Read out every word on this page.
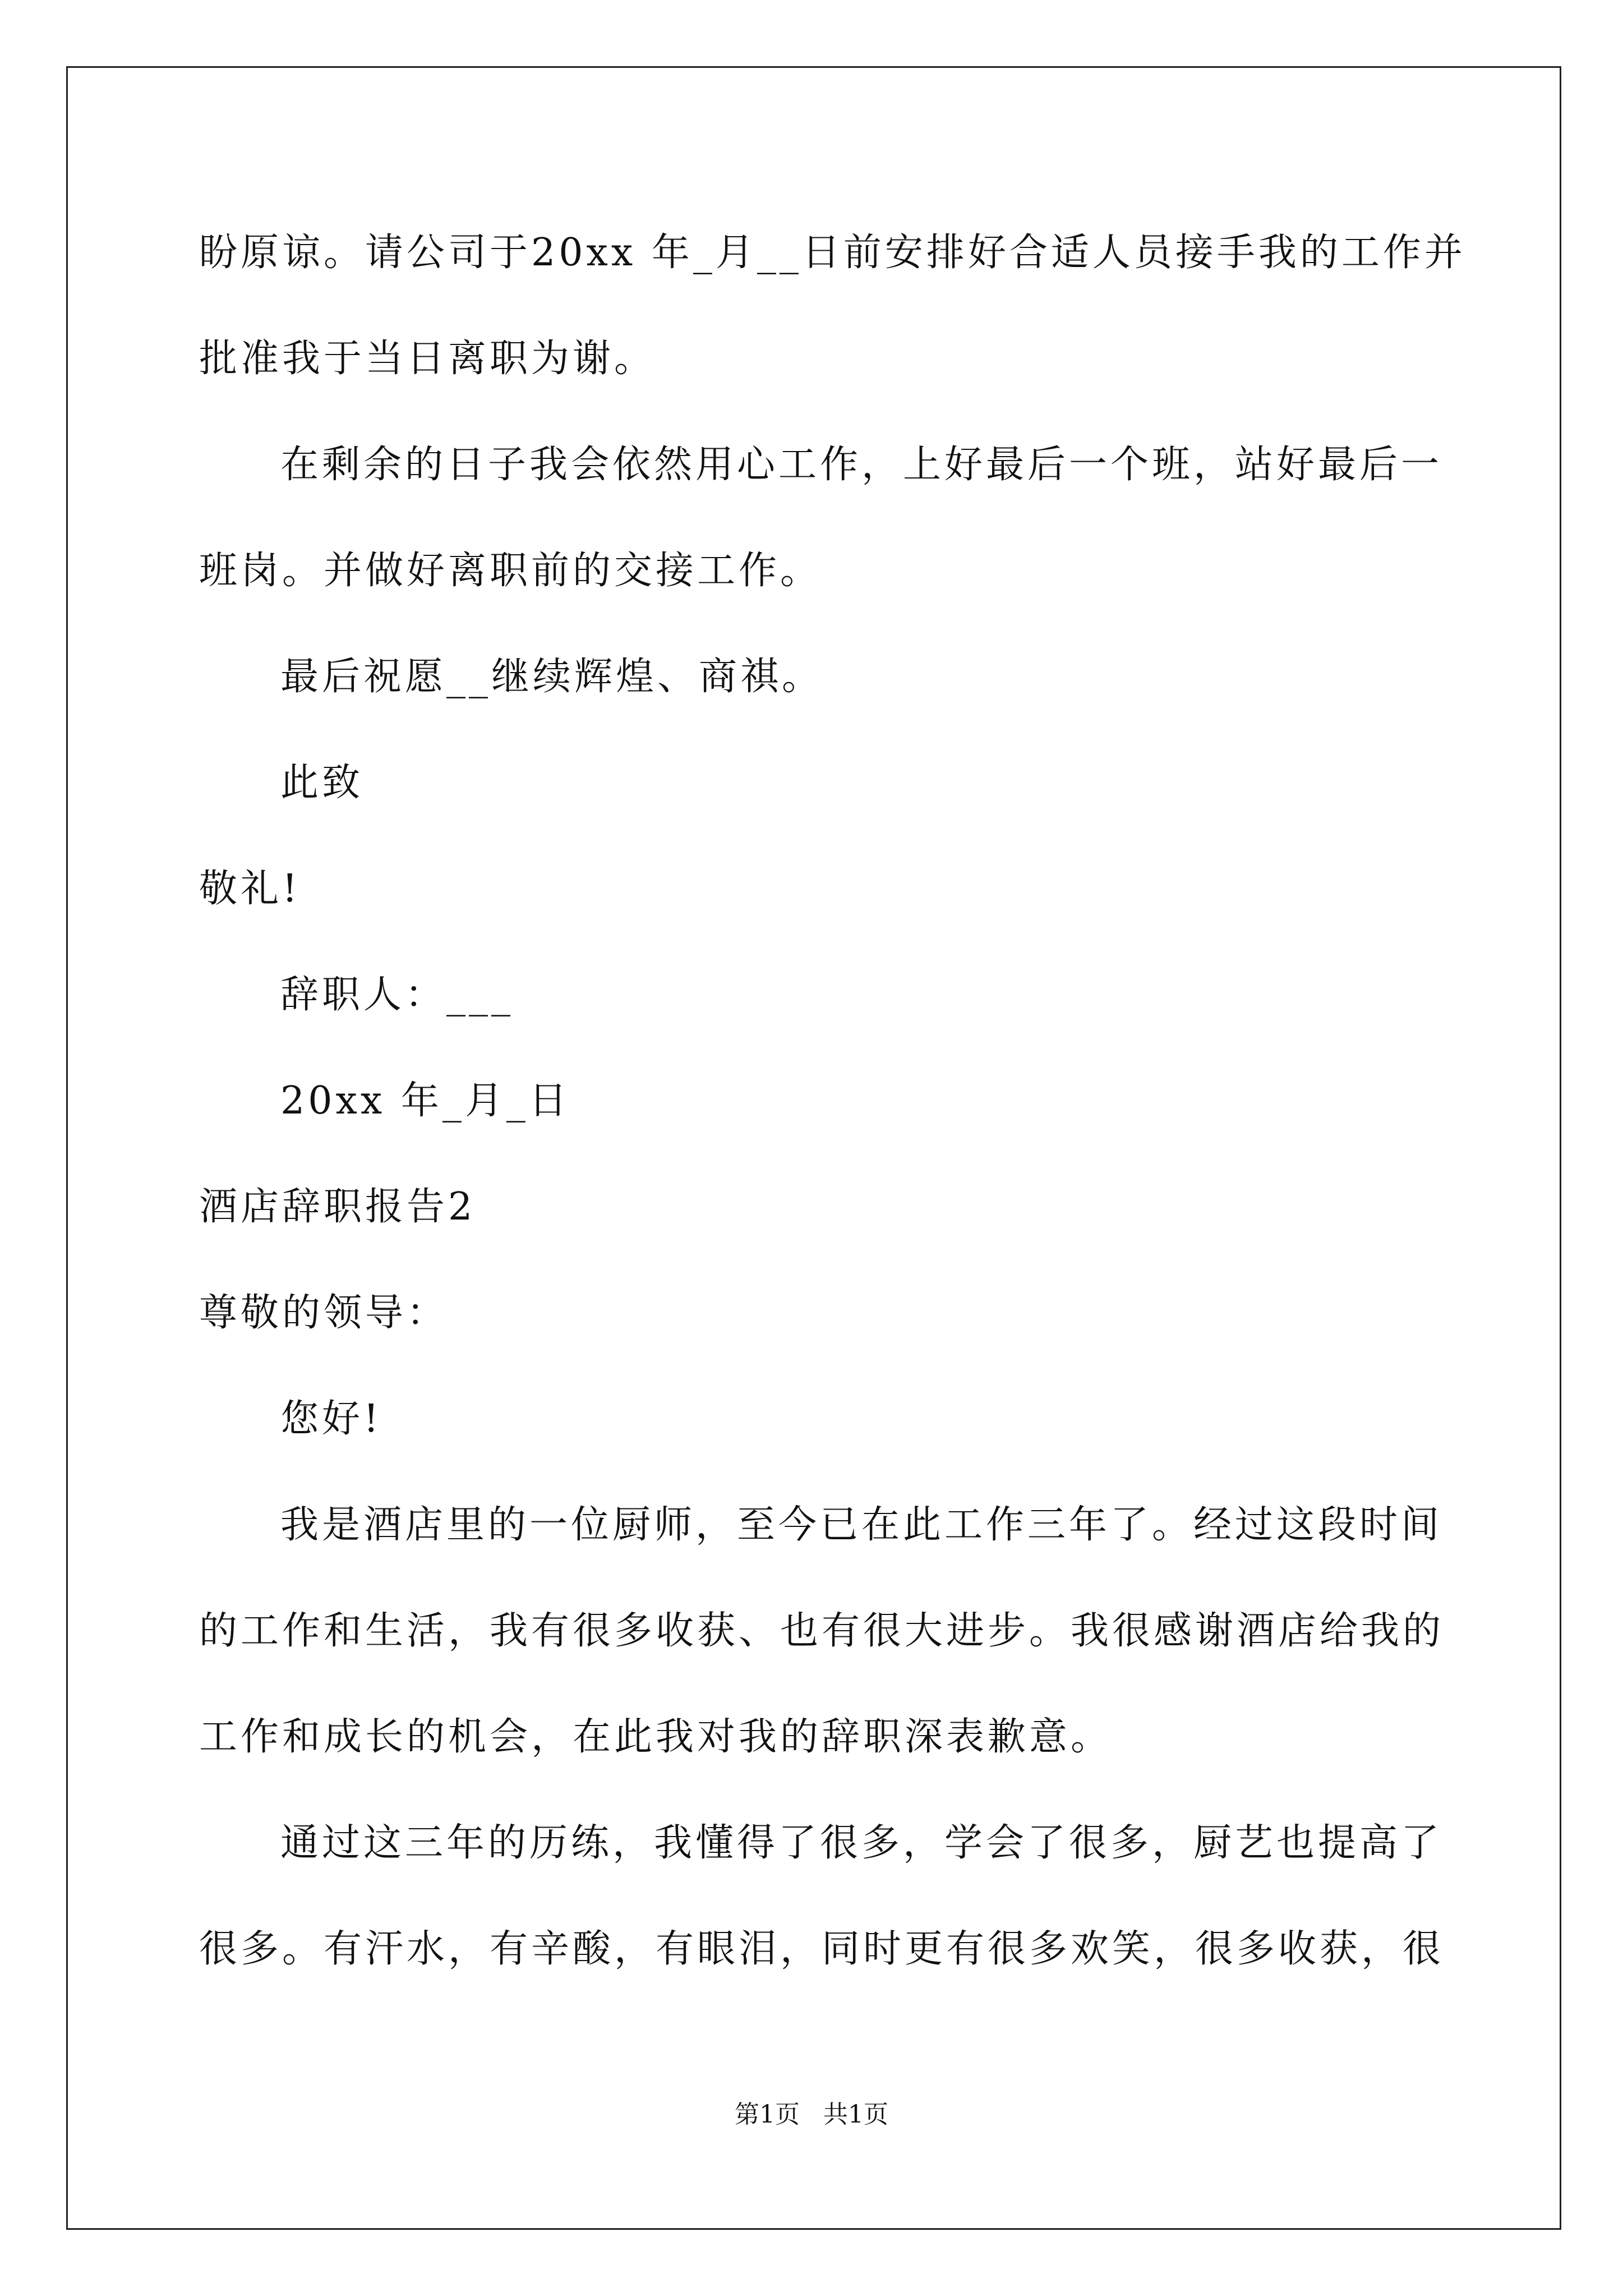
盼原谅。请公司于20xx 年_月__日前安排好合适人员接手我的工作并
批准我于当日离职为谢。
在剩余的日子我会依然用心工作，上好最后一个班，站好最后一
班岗。并做好离职前的交接工作。
最后祝愿__继续辉煌、商祺。
此致
敬礼!
辞职人：___
20xx 年_月_日
酒店辞职报告2
尊敬的领导：
您好!
我是酒店里的一位厨师，至今已在此工作三年了。经过这段时间
的工作和生活，我有很多收获、也有很大进步。我很感谢酒店给我的
工作和成长的机会，在此我对我的辞职深表歉意。
通过这三年的历练，我懂得了很多，学会了很多，厨艺也提高了
很多。有汗水，有辛酸，有眼泪，同时更有很多欢笑，很多收获，很
第1页   共1页
